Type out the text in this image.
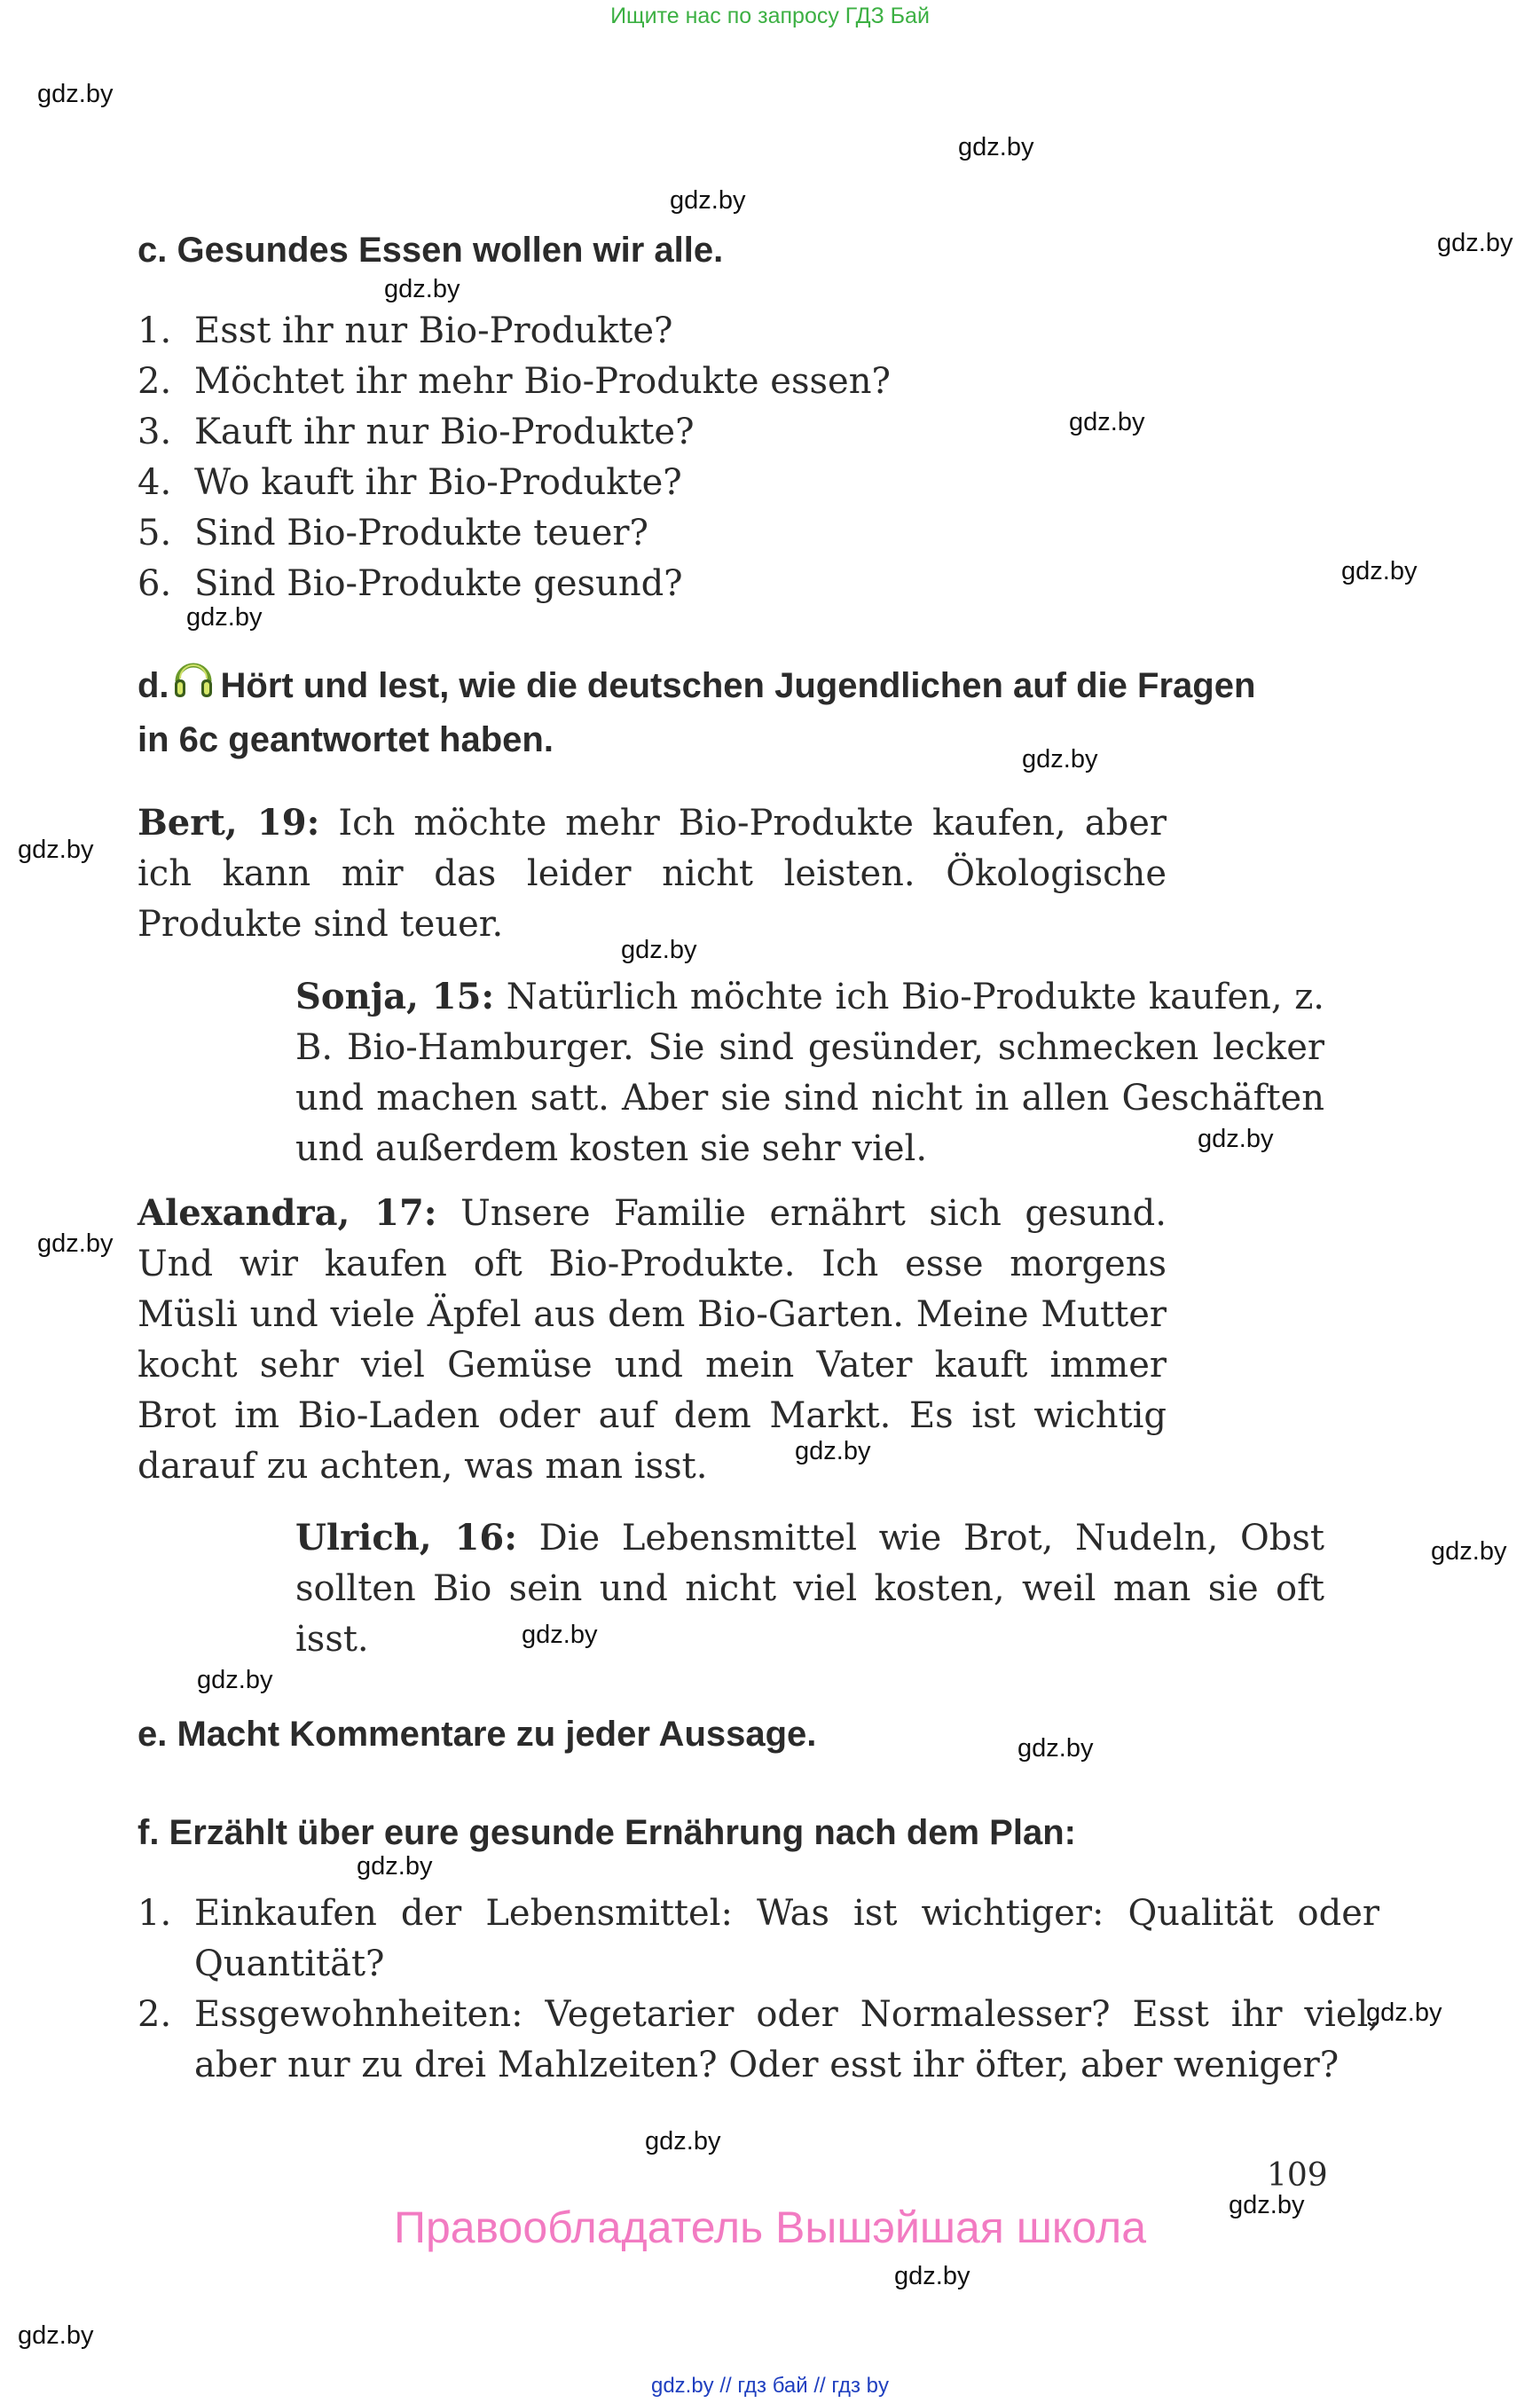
Ищите нас по запросу ГДЗ Бай
gdz.by
gdz.by
gdz.by
gdz.by
gdz.by
gdz.by
gdz.by
gdz.by
gdz.by
gdz.by
gdz.by
gdz.by
gdz.by
gdz.by
gdz.by
gdz.by
gdz.by
gdz.by
gdz.by
gdz.by
gdz.by
gdz.by
gdz.by
gdz.by
c. Gesundes Essen wollen wir alle.
1. Esst ihr nur Bio-Produkte?
2. Möchtet ihr mehr Bio-Produkte essen?
3. Kauft ihr nur Bio-Produkte?
4. Wo kauft ihr Bio-Produkte?
5. Sind Bio-Produkte teuer?
6. Sind Bio-Produkte gesund?
d. Hört und lest, wie die deutschen Jugendlichen auf die Fragen
in 6c geantwortet haben.
Bert, 19: Ich möchte mehr Bio-Produkte kaufen, aber ich kann mir das leider nicht leisten. Ökologische Produkte sind teuer.
Sonja, 15: Natürlich möchte ich Bio-Produkte kaufen, z. B. Bio-Hamburger. Sie sind gesünder, schmecken lecker und machen satt. Aber sie sind nicht in allen Geschäften und außerdem kosten sie sehr viel.
Alexandra, 17: Unsere Familie ernährt sich gesund. Und wir kaufen oft Bio-Produkte. Ich esse morgens Müsli und viele Äpfel aus dem Bio-Garten. Meine Mutter kocht sehr viel Gemüse und mein Vater kauft immer Brot im Bio-Laden oder auf dem Markt. Es ist wichtig darauf zu achten, was man isst.
Ulrich, 16: Die Lebensmittel wie Brot, Nudeln, Obst sollten Bio sein und nicht viel kosten, weil man sie oft isst.
e. Macht Kommentare zu jeder Aussage.
f. Erzählt über eure gesunde Ernährung nach dem Plan:
1. Einkaufen der Lebensmittel: Was ist wichtiger: Qualität oder Quantität?
2. Essgewohnheiten: Vegetarier oder Normalesser? Esst ihr viel, aber nur zu drei Mahlzeiten? Oder esst ihr öfter, aber weniger?
109
Правообладатель Вышэйшая школа
gdz.by // гдз бай // гдз by
